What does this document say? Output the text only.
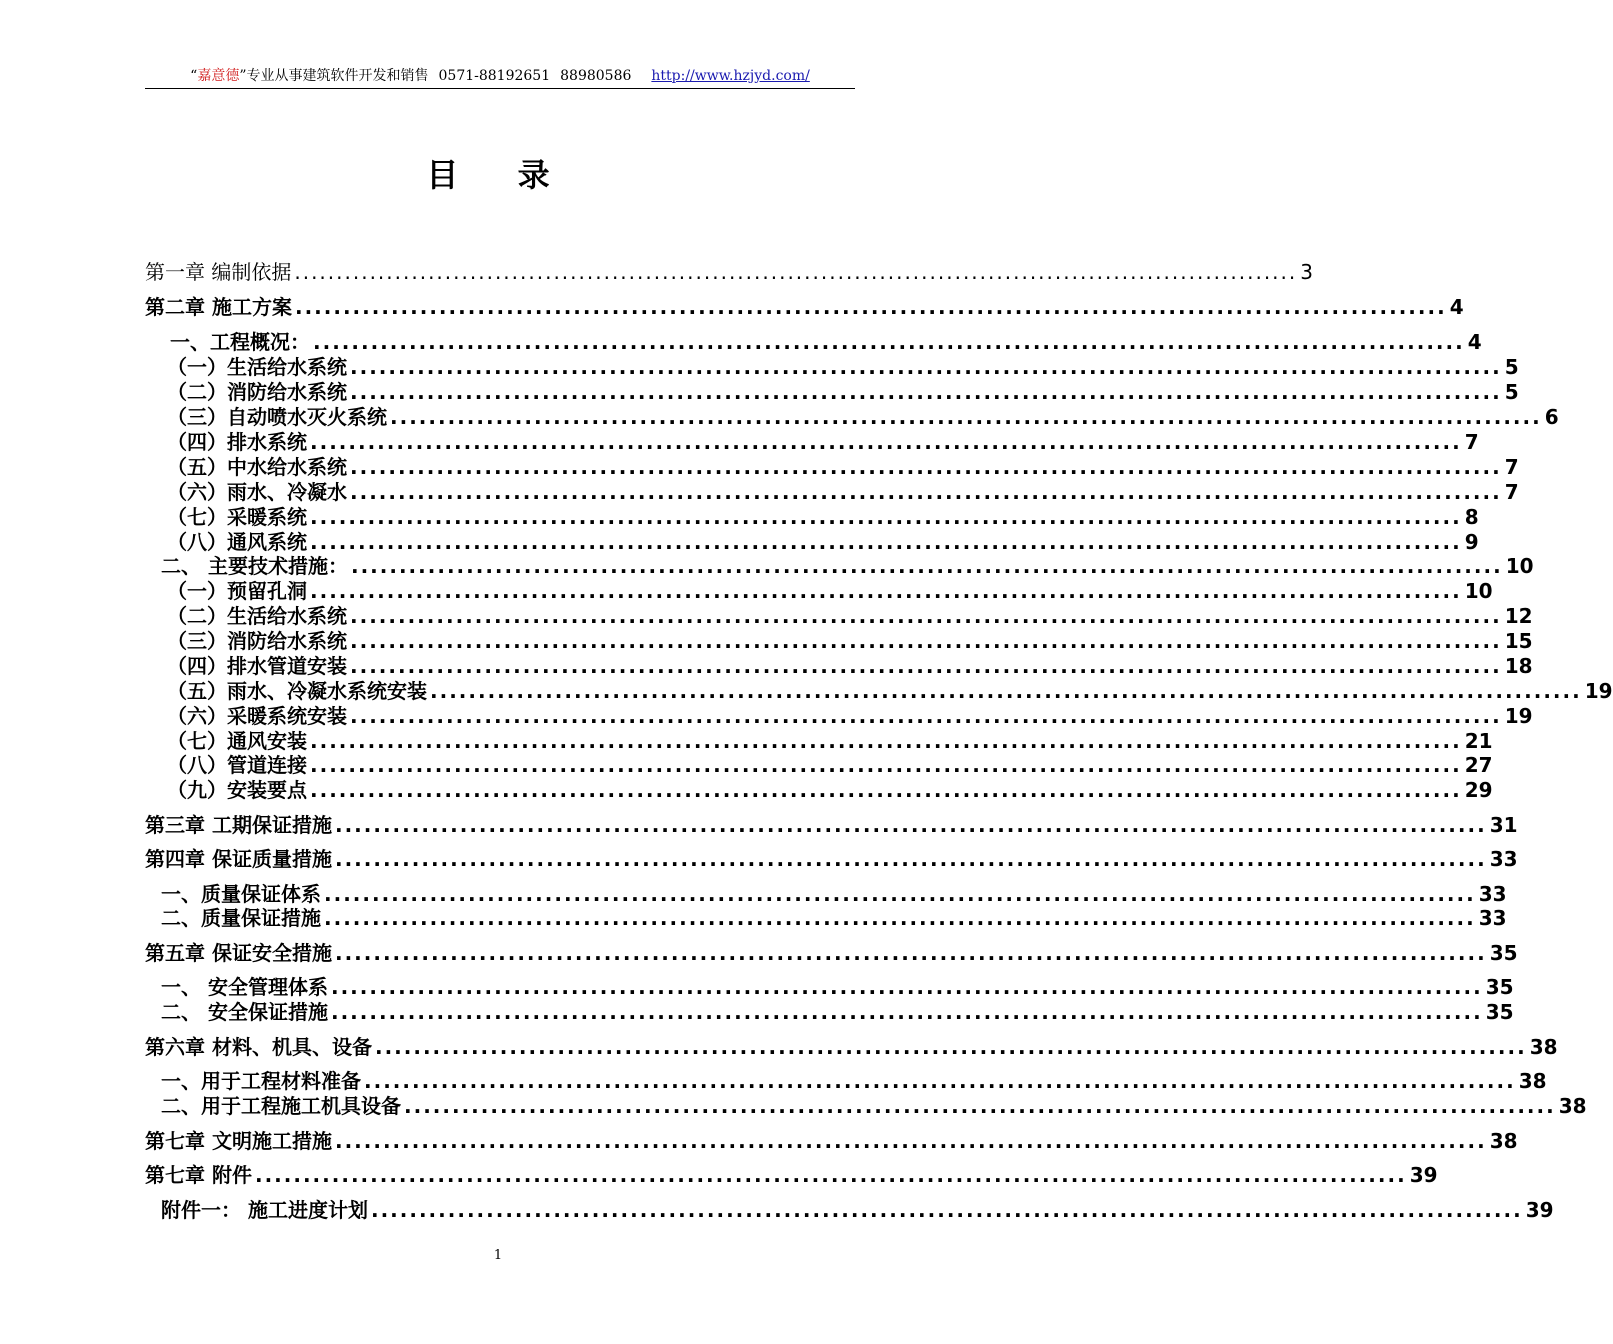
“嘉意德”专业从事建筑软件开发和销售 0571-88192651 88980586 http://www.hzjyd.com/
目 录
第一章 编制依据 ........................................................................................................................ 3
第二章 施工方案 ........................................................................................................................ 4
一、工程概况： ........................................................................................................................ 4
（一）生活给水系统 ........................................................................................................................ 5
（二）消防给水系统 ........................................................................................................................ 5
（三）自动喷水灭火系统 ........................................................................................................................ 6
（四）排水系统 ........................................................................................................................ 7
（五）中水给水系统 ........................................................................................................................ 7
（六）雨水、冷凝水 ........................................................................................................................ 7
（七）采暖系统 ........................................................................................................................ 8
（八）通风系统 ........................................................................................................................ 9
二、 主要技术措施： ........................................................................................................................ 10
（一）预留孔洞 ........................................................................................................................ 10
（二）生活给水系统 ........................................................................................................................ 12
（三）消防给水系统 ........................................................................................................................ 15
（四）排水管道安装 ........................................................................................................................ 18
（五）雨水、冷凝水系统安装 ........................................................................................................................ 19
（六）采暖系统安装 ........................................................................................................................ 19
（七）通风安装 ........................................................................................................................ 21
（八）管道连接 ........................................................................................................................ 27
（九）安装要点 ........................................................................................................................ 29
第三章 工期保证措施 ........................................................................................................................ 31
第四章 保证质量措施 ........................................................................................................................ 33
一、质量保证体系 ........................................................................................................................ 33
二、质量保证措施 ........................................................................................................................ 33
第五章 保证安全措施 ........................................................................................................................ 35
一、 安全管理体系 ........................................................................................................................ 35
二、 安全保证措施 ........................................................................................................................ 35
第六章 材料、机具、设备 ........................................................................................................................ 38
一、用于工程材料准备 ........................................................................................................................ 38
二、用于工程施工机具设备 ........................................................................................................................ 38
第七章 文明施工措施 ........................................................................................................................ 38
第七章 附件 ........................................................................................................................ 39
附件一： 施工进度计划 ........................................................................................................................ 39
1
